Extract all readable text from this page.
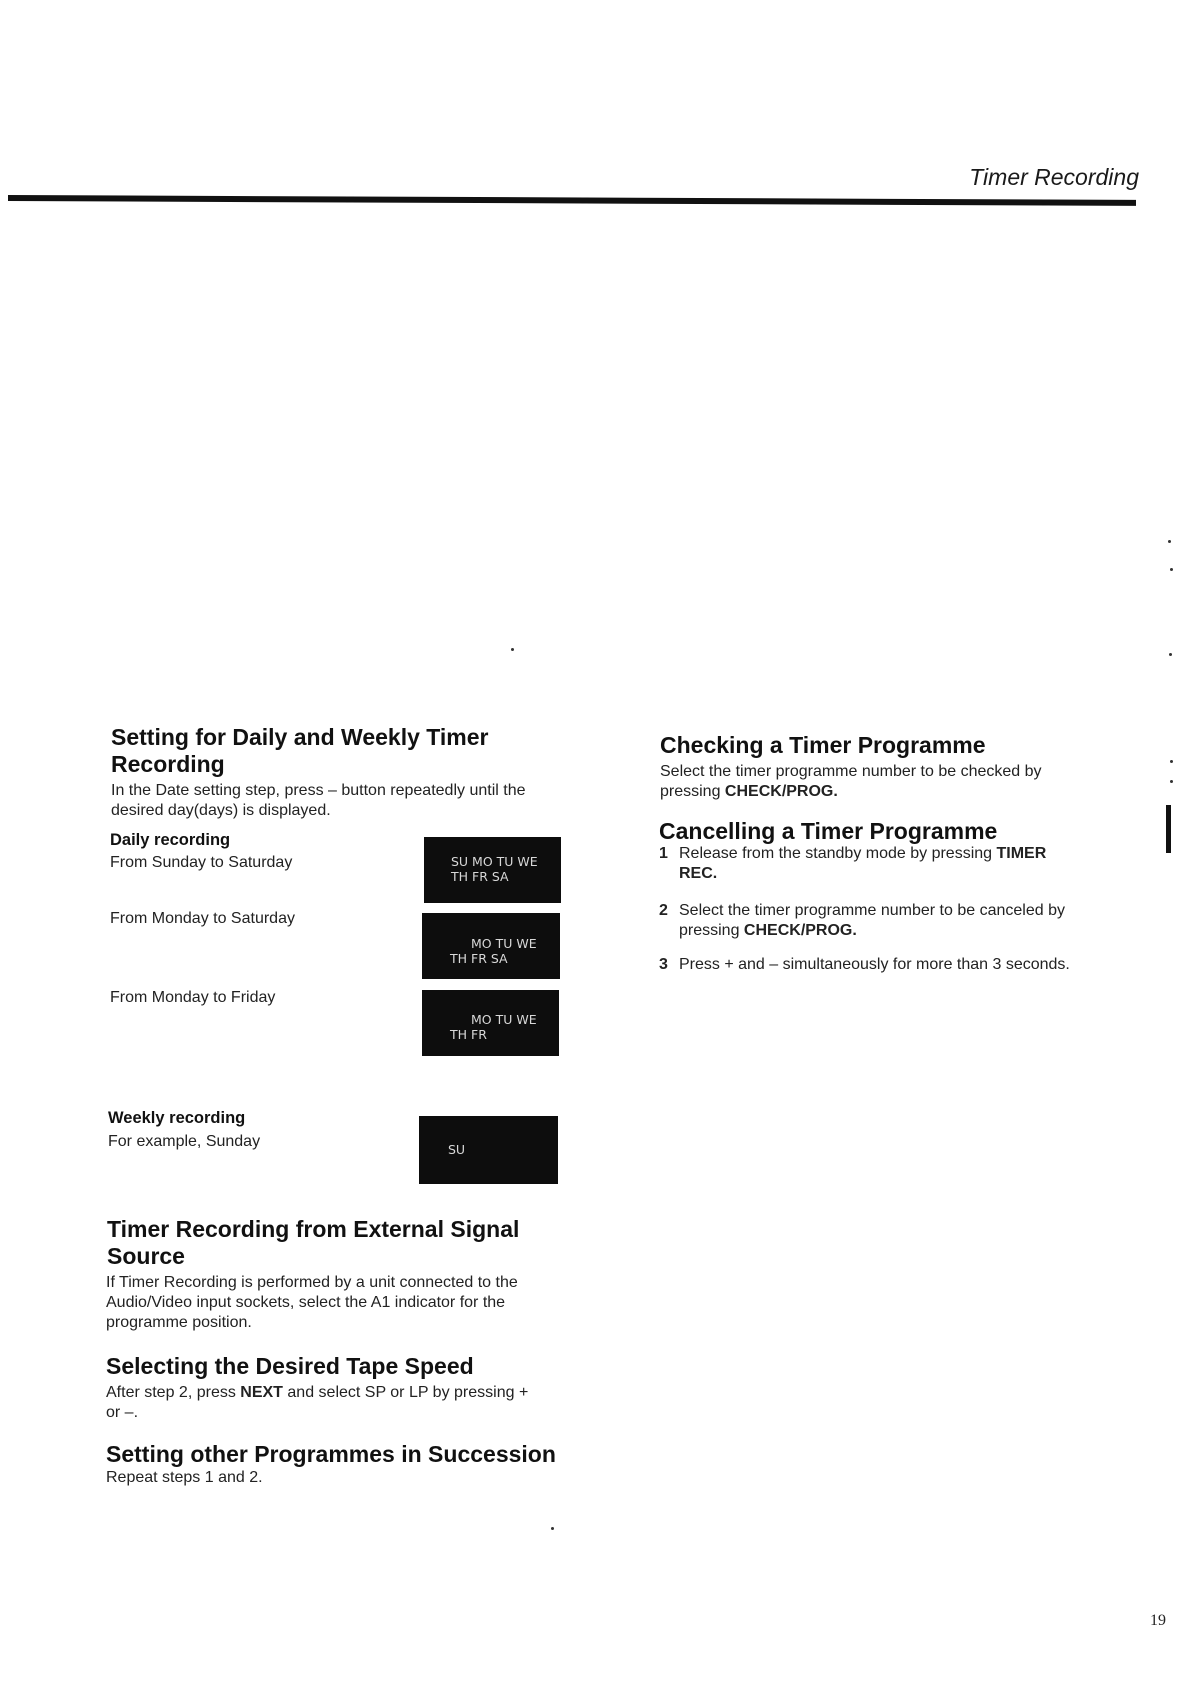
Timer Recording
Setting for Daily and Weekly Timer
Recording

In the Date setting step, press – button repeatedly until the
desired day(days) is displayed.

Daily recording

From Sunday to Saturday	SU MO TU WE
TH FR SA

From Monday to Saturday

MO TU WE
TH FR SA

From Monday to Friday

MO TU WE
TH FR

Weekly recording

For example, Sunday	SU
Timer Recording from External Signal
Source

If Timer Recording is performed by a unit connected to the
Audio/Video input sockets, select the A1 indicator for the
programme position.

Selecting the Desired Tape Speed

After step 2, press NEXT and select SP or LP by pressing +
or –.

Setting other Programmes in Succession

Repeat steps 1 and 2.

Checking a Timer Programme

Select the timer programme number to be checked by
pressing CHECK/PROG.

Cancelling a Timer Programme
1 Release from the standby mode by pressing TIMER
REC.
2 Select the timer programme number to be canceled by
pressing CHECK/PROG.
3 Press + and – simultaneously for more than 3 seconds.
19
